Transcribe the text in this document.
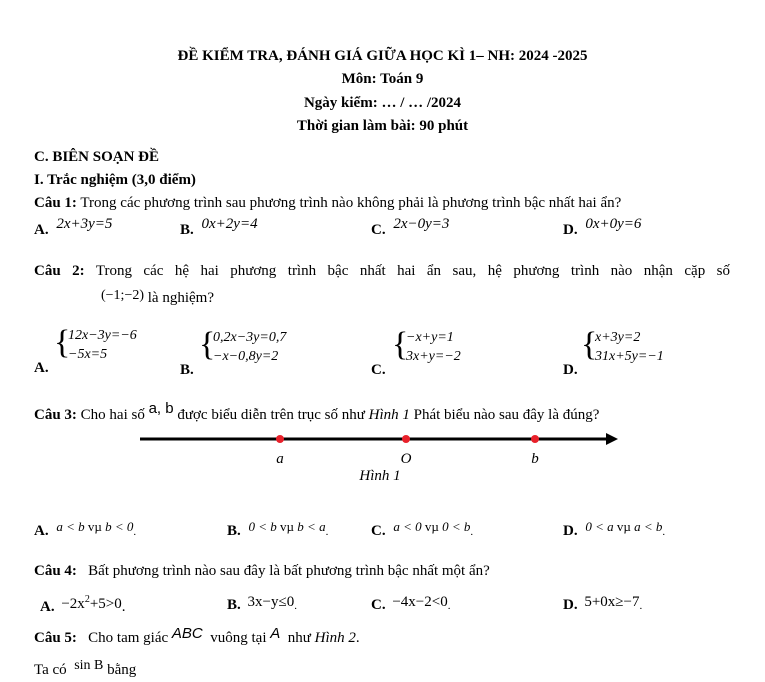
ĐỀ KIỂM TRA, ĐÁNH GIÁ GIỮA HỌC KÌ 1– NH: 2024 -2025
Môn: Toán 9
Ngày kiểm: … / … /2024
Thời gian làm bài: 90 phút
C. BIÊN SOẠN ĐỀ
I. Trắc nghiệm (3,0 điểm)
Câu 1: Trong các phương trình sau phương trình nào không phải là phương trình bậc nhất hai ẩn?
A. 2x+3y=5	B. 0x+2y=4	C. 2x−0y=3	D. 0x+0y=6
Câu 2: Trong các hệ hai phương trình bậc nhất hai ẩn sau, hệ phương trình nào nhận cặp số
(−1;−2) là nghiệm?
A.
{
12x−3y=−6
−5x=5
B.
{
0,2x−3y=0,7
−x−0,8y=2
C.
{
−x+y=1
3x+y=−2
D.
{
x+3y=2
31x+5y=−1
Câu 3: Cho hai số a, b được biểu diễn trên trục số như Hình 1 Phát biểu nào sau đây là đúng?
a	O	b
Hình 1
A. a < b vµ b < 0.	B. 0 < b vµ b < a.	C. a < 0 vµ 0 < b.	D. 0 < a vµ a < b.
Câu 4:   Bất phương trình nào sau đây là bất phương trình bậc nhất một ẩn?
A. $-2x^2+5>0$.	B. 3x−y≤0.	C. −4x−2<0.	D. 5+0x≥−7.
Câu 5:   Cho tam giác ABC  vuông tại A  như Hình 2.
Ta có  sin B bằng
